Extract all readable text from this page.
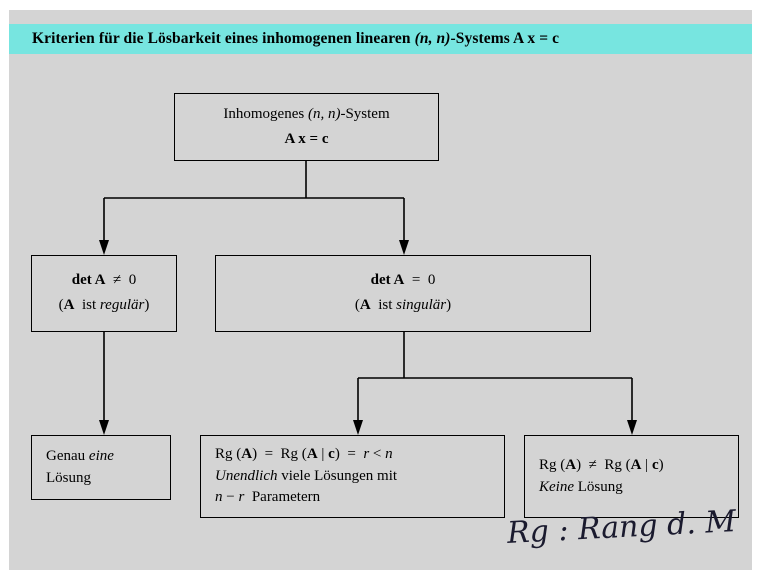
Kriterien für die Lösbarkeit eines inhomogenen linearen (n, n)-Systems A x = c
Inhomogenes (n, n)-System
A x = c
det A  ≠  0
(A  ist regulär)
det A  =  0
(A  ist singulär)
Genau eine
Lösung
Rg (A)  =  Rg (A | c)  =  r < n
Unendlich viele Lösungen mit
n − r  Parametern
Rg (A)  ≠  Rg (A | c)
Keine Lösung
Rg : Rang d. M
